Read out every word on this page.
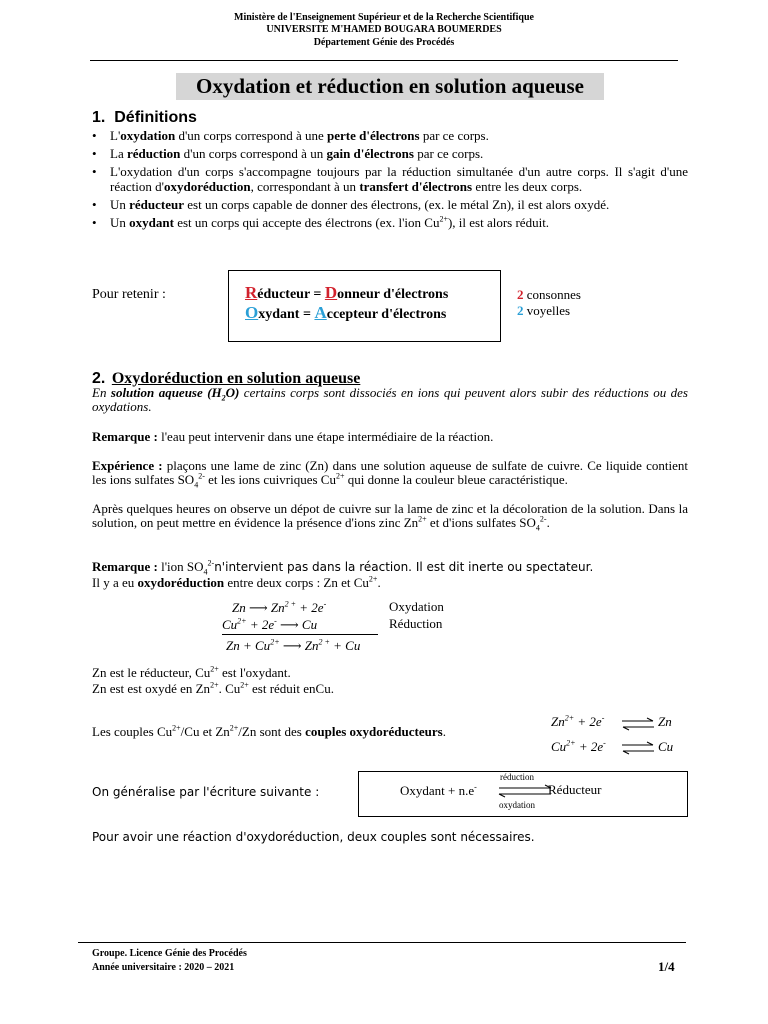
Ministère de l'Enseignement Supérieur et de la Recherche Scientifique
UNIVERSITE M'HAMED BOUGARA BOUMERDES
Département Génie des Procédés
Oxydation et réduction en solution aqueuse
1. Définitions
• L'oxydation d'un corps correspond à une perte d'électrons par ce corps.
• La réduction d'un corps correspond à un gain d'électrons par ce corps.
• L'oxydation d'un corps s'accompagne toujours par la réduction simultanée d'un autre corps. Il s'agit d'une réaction d'oxydoréduction, correspondant à un transfert d'électrons entre les deux corps.
• Un réducteur est un corps capable de donner des électrons, (ex. le métal Zn), il est alors oxydé.
• Un oxydant est un corps qui accepte des électrons (ex. l'ion $Cu^{2+}$), il est alors réduit.
Pour retenir :	Réducteur = Donneur d'électrons
Oxydant = Accepteur d'électrons
2 consonnes
2 voyelles
2. Oxydoréduction en solution aqueuse
En solution aqueuse $(H_2O)$ certains corps sont dissociés en ions qui peuvent alors subir des réductions ou des oxydations.
Remarque : l'eau peut intervenir dans une étape intermédiaire de la réaction.
Expérience : plaçons une lame de zinc (Zn) dans une solution aqueuse de sulfate de cuivre. Ce liquide contient les ions sulfates $SO_4^{2-}$ et les ions cuivriques $Cu^{2+}$ qui donne la couleur bleue caractéristique.
Après quelques heures on observe un dépot de cuivre sur la lame de zinc et la décoloration de la solution. Dans la solution, on peut mettre en évidence la présence d'ions zinc $Zn^{2+}$ et d'ions sulfates $SO_4^{2-}$.
Remarque : l'ion $SO_4^{2-}n'intervient$ pas dans la réaction. Il est dit inerte ou spectateur.
Il y a eu oxydoréduction entre deux corps : Zn et $Cu^{2+}$.
Zn ⟶ $Zn^{2 +} + 2e^-$	Oxydation
$Cu^{2+} + 2e^-$ ⟶ Cu	Réduction
$Zn + Cu^{2+}$ ⟶ $Zn^{2 +} + Cu$
Zn est le réducteur, $Cu^{2+}$ est l'oxydant.
Zn est est oxydé en $Zn^{2+}$. $Cu^{2+}$ est réduit enCu.
Les couples $Cu^{2+}/Cu$ et $Zn^{2+}/Zn$ sont des couples oxydoréducteurs.
$Zn^{2+} + 2e^-$ ⇌ Zn
$Cu^{2+} + 2e^-$ ⇌ Cu
On généralise par l'écriture suivante :	Oxydant + n.e-
réduction
Réducteur
oxydation
Pour avoir une réaction d'oxydoréduction, deux couples sont nécessaires.
Groupe. Licence Génie des Procédés
Année universitaire : 2020 – 2021	1/4
